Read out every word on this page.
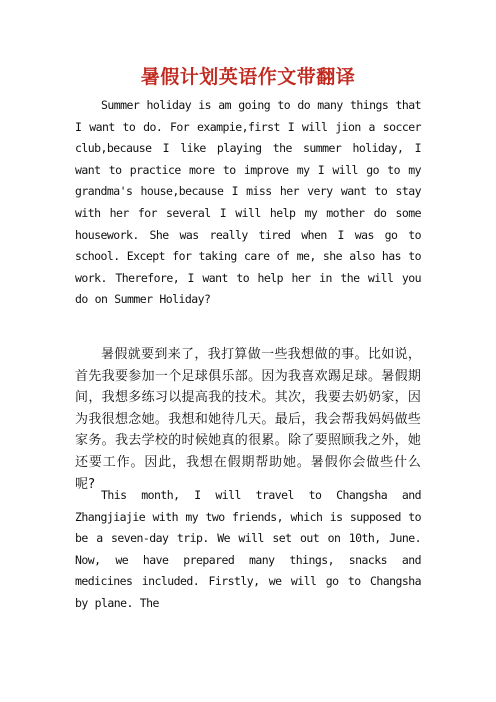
暑假计划英语作文带翻译

Summer holiday is am going to do many things that I want to do. For exampie,first I will jion a soccer club,because I like playing the summer holiday, I want to practice more to improve my I will go to my grandma's house,because I miss her very want to stay with her for several I will help my mother do some housework. She was really tired when I was go to school. Except for taking care of me, she also has to work. Therefore, I want to help her in the will you do on Summer Holiday?

暑假就要到来了，我打算做一些我想做的事。比如说，首先我要参加一个足球俱乐部。因为我喜欢踢足球。暑假期间，我想多练习以提高我的技术。其次，我要去奶奶家，因为我很想念她。我想和她待几天。最后，我会帮我妈妈做些家务。我去学校的时候她真的很累。除了要照顾我之外，她还要工作。因此，我想在假期帮助她。暑假你会做些什么呢?

This month, I will travel to Changsha and Zhangjiajie with my two friends, which is supposed to be a seven-day trip. We will set out on 10th, June. Now, we have prepared many things, snacks and medicines included. Firstly, we will go to Changsha by plane. The
